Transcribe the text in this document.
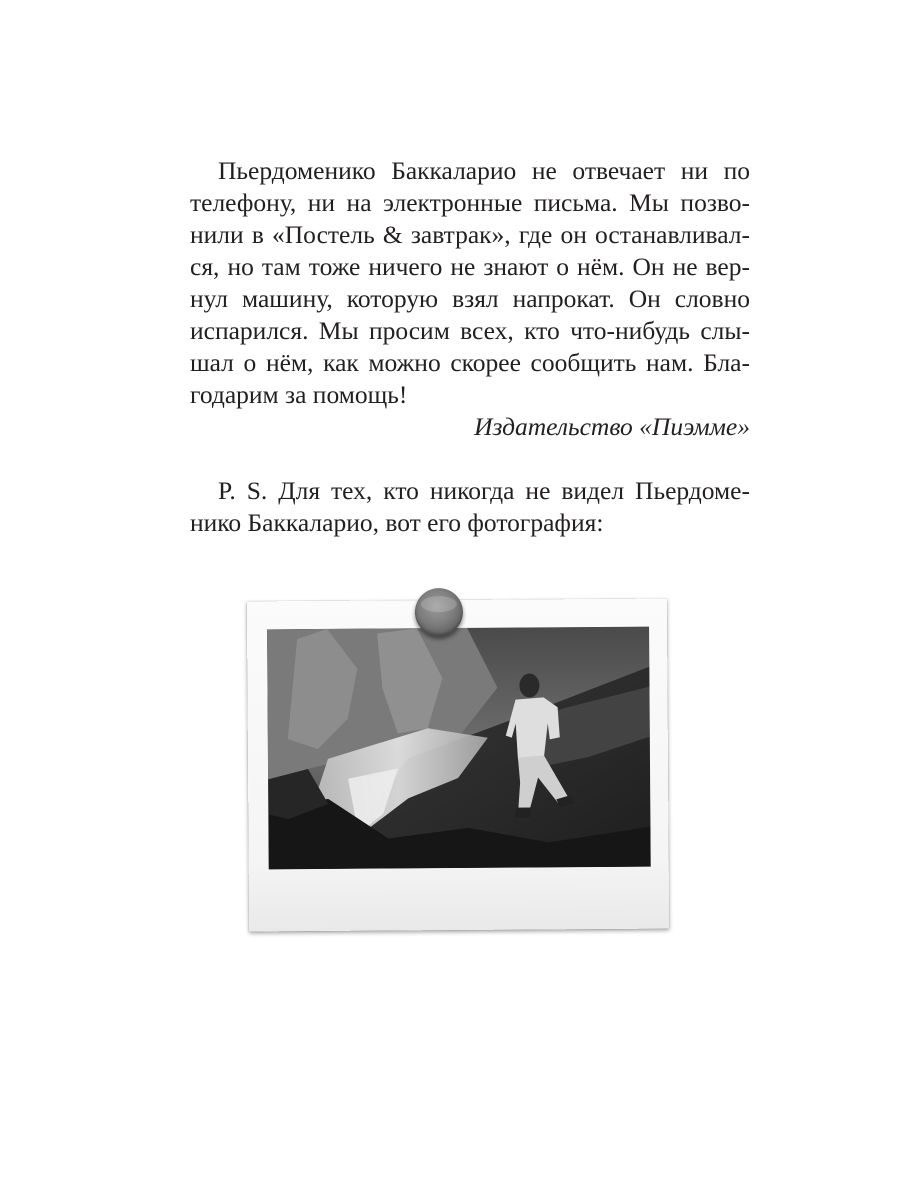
Пьердоменико Баккаларио не отвечает ни по
телефону, ни на электронные письма. Мы позво-
нили в «Постель & завтрак», где он останавливал-
ся, но там тоже ничего не знают о нём. Он не вер-
нул машину, которую взял напрокат. Он словно
испарился. Мы просим всех, кто что-нибудь слы-
шал о нём, как можно скорее сообщить нам. Бла-
годарим за помощь!
Издательство «Пиэмме»
P. S. Для тех, кто никогда не видел Пьердоме-
нико Баккаларио, вот его фотография:
